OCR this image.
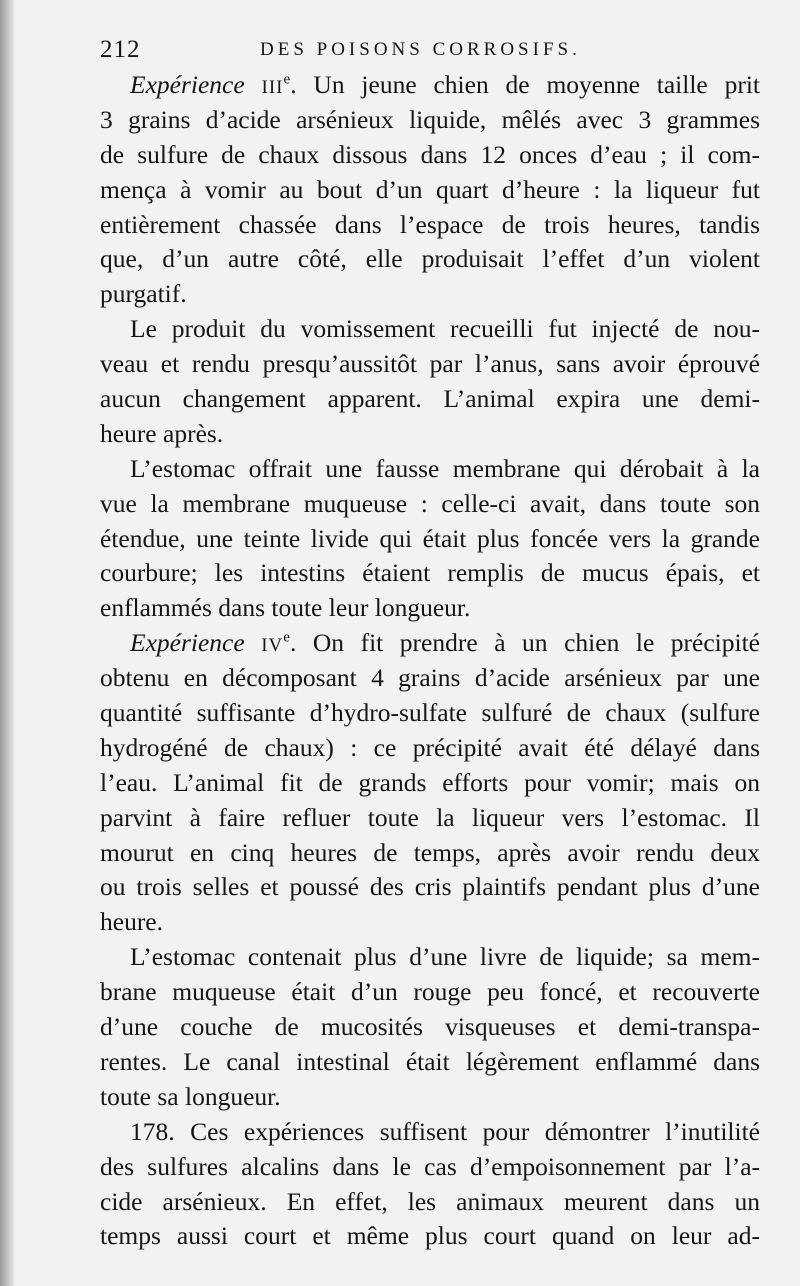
212	DES POISONS CORROSIFS.
Expérience IIIe. Un jeune chien de moyenne taille prit
3 grains d’acide arsénieux liquide, mêlés avec 3 grammes
de sulfure de chaux dissous dans 12 onces d’eau ; il com-
mença à vomir au bout d’un quart d’heure : la liqueur fut
entièrement chassée dans l’espace de trois heures, tandis
que, d’un autre côté, elle produisait l’effet d’un violent
purgatif.
Le produit du vomissement recueilli fut injecté de nou-
veau et rendu presqu’aussitôt par l’anus, sans avoir éprouvé
aucun changement apparent. L’animal expira une demi-
heure après.
L’estomac offrait une fausse membrane qui dérobait à la
vue la membrane muqueuse : celle-ci avait, dans toute son
étendue, une teinte livide qui était plus foncée vers la grande
courbure; les intestins étaient remplis de mucus épais, et
enflammés dans toute leur longueur.
Expérience IVe. On fit prendre à un chien le précipité
obtenu en décomposant 4 grains d’acide arsénieux par une
quantité suffisante d’hydro-sulfate sulfuré de chaux (sulfure
hydrogéné de chaux) : ce précipité avait été délayé dans
l’eau. L’animal fit de grands efforts pour vomir; mais on
parvint à faire refluer toute la liqueur vers l’estomac. Il
mourut en cinq heures de temps, après avoir rendu deux
ou trois selles et poussé des cris plaintifs pendant plus d’une
heure.
L’estomac contenait plus d’une livre de liquide; sa mem-
brane muqueuse était d’un rouge peu foncé, et recouverte
d’une couche de mucosités visqueuses et demi-transpa-
rentes. Le canal intestinal était légèrement enflammé dans
toute sa longueur.
178. Ces expériences suffisent pour démontrer l’inutilité
des sulfures alcalins dans le cas d’empoisonnement par l’a-
cide arsénieux. En effet, les animaux meurent dans un
temps aussi court et même plus court quand on leur ad-
